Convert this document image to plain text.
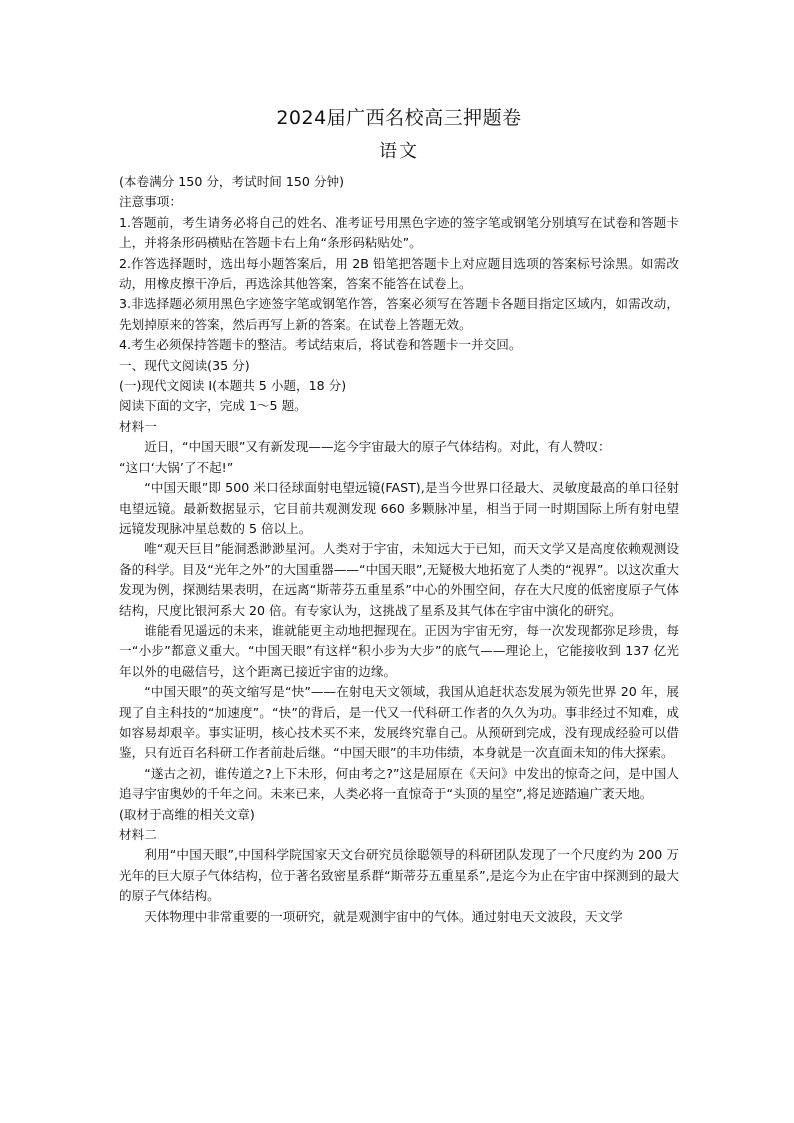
2024届广西名校高三押题卷
语文

(本卷满分 150 分，考试时间 150 分钟)

注意事项：

1.答题前，考生请务必将自己的姓名、准考证号用黑色字迹的签字笔或钢笔分别填写在试卷和答题卡上，并将条形码横贴在答题卡右上角“条形码粘贴处”。

2.作答选择题时，选出每小题答案后，用 2B 铅笔把答题卡上对应题目选项的答案标号涂黑。如需改动，用橡皮擦干净后，再选涂其他答案，答案不能答在试卷上。

3.非选择题必须用黑色字迹签字笔或钢笔作答，答案必须写在答题卡各题目指定区域内，如需改动，先划掉原来的答案，然后再写上新的答案。在试卷上答题无效。

4.考生必须保持答题卡的整洁。考试结束后，将试卷和答题卡一并交回。

一、现代文阅读(35 分)

(一)现代文阅读 I(本题共 5 小题，18 分)

阅读下面的文字，完成 1～5 题。

材料一

近日，“中国天眼”又有新发现——迄今宇宙最大的原子气体结构。对此，有人赞叹：

“这口‘大锅’了不起!”

“中国天眼”即 500 米口径球面射电望远镜(FAST),是当今世界口径最大、灵敏度最高的单口径射电望远镜。最新数据显示，它目前共观测发现 660 多颗脉冲星，相当于同一时期国际上所有射电望远镜发现脉冲星总数的 5 倍以上。

唯“观天巨目”能洞悉渺渺星河。人类对于宇宙，未知远大于已知，而天文学又是高度依赖观测设备的科学。目及“光年之外”的大国重器——“中国天眼”,无疑极大地拓宽了人类的“视界”。以这次重大发现为例，探测结果表明，在远离“斯蒂芬五重星系”中心的外围空间，存在大尺度的低密度原子气体结构，尺度比银河系大 20 倍。有专家认为，这挑战了星系及其气体在宇宙中演化的研究。

谁能看见遥远的未来，谁就能更主动地把握现在。正因为宇宙无穷，每一次发现都弥足珍贵，每一“小步”都意义重大。“中国天眼”有这样“积小步为大步”的底气——理论上，它能接收到 137 亿光年以外的电磁信号，这个距离已接近宇宙的边缘。

“中国天眼”的英文缩写是“快”——在射电天文领域，我国从追赶状态发展为领先世界 20 年，展现了自主科技的“加速度”。“快”的背后，是一代又一代科研工作者的久久为功。事非经过不知难，成如容易却艰辛。事实证明，核心技术买不来，发展终究靠自己。从预研到完成，没有现成经验可以借鉴，只有近百名科研工作者前赴后继。“中国天眼”的丰功伟绩，本身就是一次直面未知的伟大探索。

“遂古之初，谁传道之?上下未形，何由考之?”这是屈原在《天问》中发出的惊奇之问，是中国人追寻宇宙奥妙的千年之问。未来已来，人类必将一直惊奇于“头顶的星空”,将足迹踏遍广袤天地。

(取材于高维的相关文章)

材料二

利用“中国天眼”,中国科学院国家天文台研究员徐聪领导的科研团队发现了一个尺度约为 200 万光年的巨大原子气体结构，位于著名致密星系群“斯蒂芬五重星系”,是迄今为止在宇宙中探测到的最大的原子气体结构。

天体物理中非常重要的一项研究，就是观测宇宙中的气体。通过射电天文波段，天文学
